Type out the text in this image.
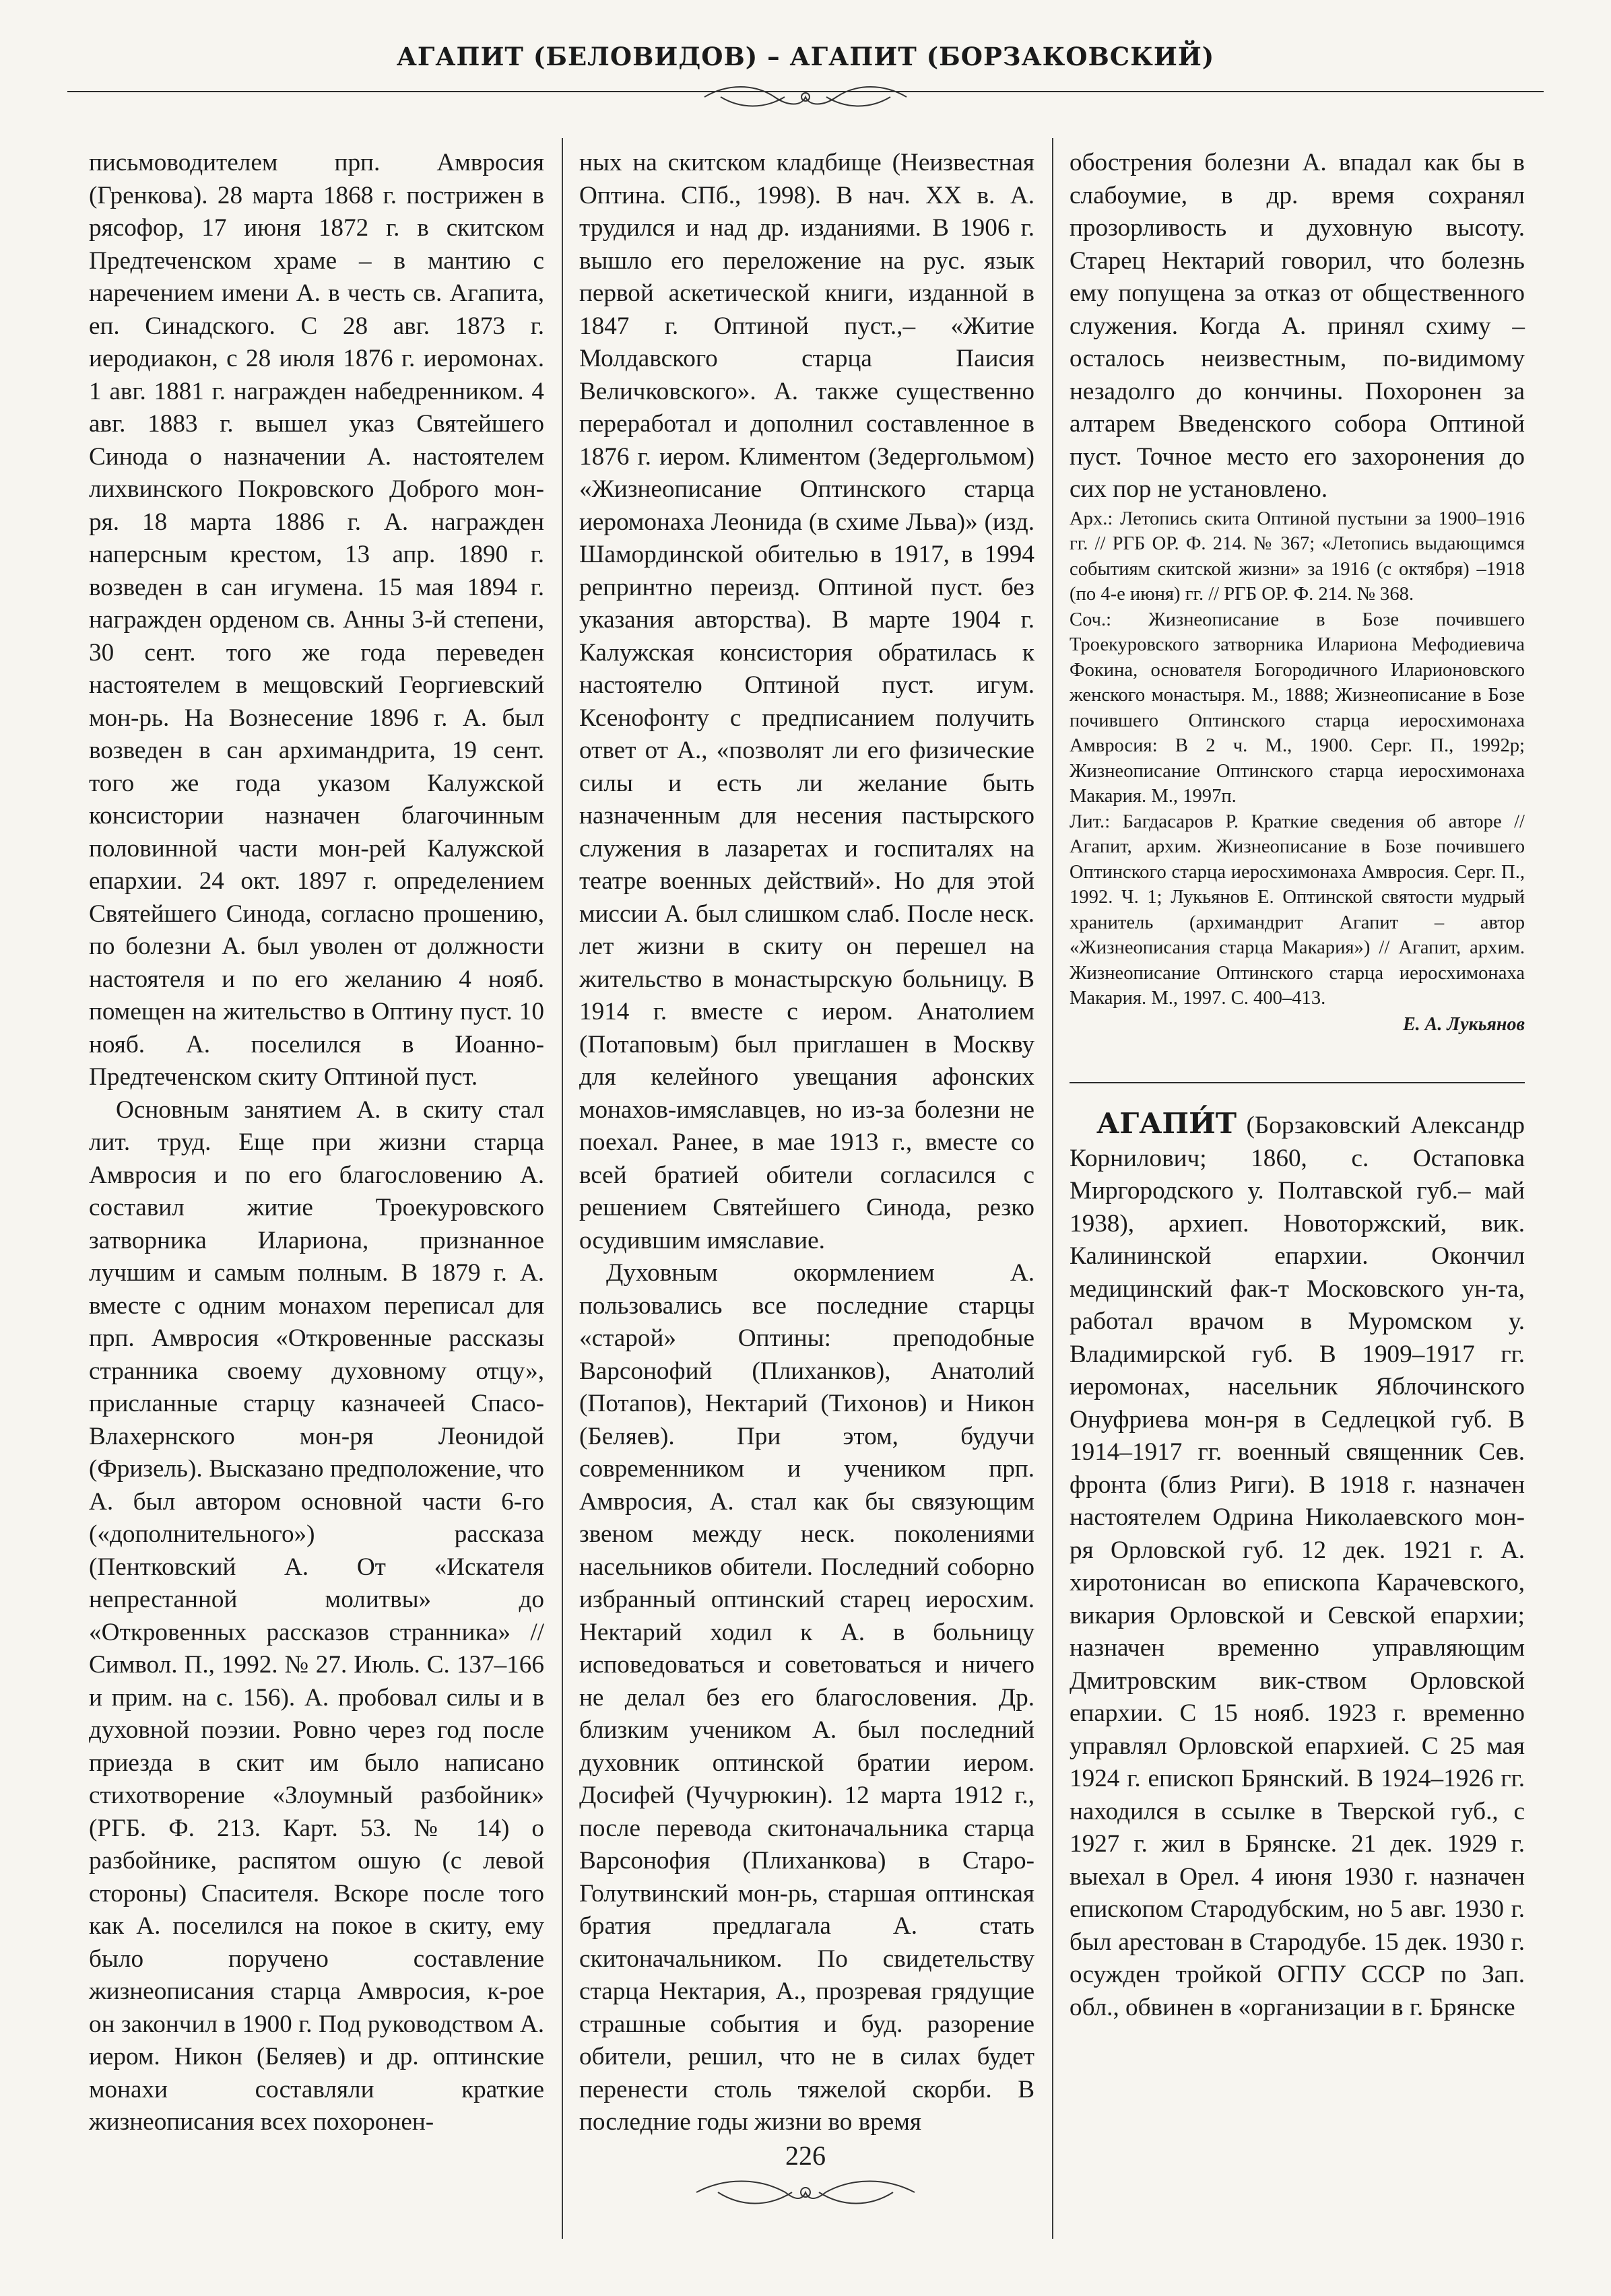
АГАПИТ (БЕЛОВИДОВ) – АГАПИТ (БОРЗАКОВСКИЙ)

письмоводителем прп. Амвросия (Гренкова). 28 марта 1868 г. пострижен в рясофор, 17 июня 1872 г. в скитском Предтеченском храме – в мантию с наречением имени А. в честь св. Агапита, еп. Синадского. С 28 авг. 1873 г. иеродиакон, с 28 июля 1876 г. иеромонах. 1 авг. 1881 г. награжден набедренником. 4 авг. 1883 г. вышел указ Святейшего Синода о назначении А. настоятелем лихвинского Покровского Доброго мон-ря. 18 марта 1886 г. А. награжден наперсным крестом, 13 апр. 1890 г. возведен в сан игумена. 15 мая 1894 г. награжден орденом св. Анны 3-й степени, 30 сент. того же года переведен настоятелем в мещовский Георгиевский мон-рь. На Вознесение 1896 г. А. был возведен в сан архимандрита, 19 сент. того же года указом Калужской консистории назначен благочинным половинной части мон-рей Калужской епархии. 24 окт. 1897 г. определением Святейшего Синода, согласно прошению, по болезни А. был уволен от должности настоятеля и по его желанию 4 нояб. помещен на жительство в Оптину пуст. 10 нояб. А. поселился в Иоанно-Предтеченском скиту Оптиной пуст.

Основным занятием А. в скиту стал лит. труд. Еще при жизни старца Амвросия и по его благословению А. составил житие Троекуровского затворника Илариона, признанное лучшим и самым полным. В 1879 г. А. вместе с одним монахом переписал для прп. Амвросия «Откровенные рассказы странника своему духовному отцу», присланные старцу казначеей Спасо-Влахернского мон-ря Леонидой (Фризель). Высказано предположение, что А. был автором основной части 6-го («дополнительного») рассказа (Пентковский А. От «Искателя непрестанной молитвы» до «Откровенных рассказов странника» // Символ. П., 1992. № 27. Июль. С. 137–166 и прим. на с. 156). А. пробовал силы и в духовной поэзии. Ровно через год после приезда в скит им было написано стихотворение «Злоумный разбойник» (РГБ. Ф. 213. Карт. 53. № 14) о разбойнике, распятом ошую (с левой стороны) Спасителя. Вскоре после того как А. поселился на покое в скиту, ему было поручено составление жизнеописания старца Амвросия, к-рое он закончил в 1900 г. Под руководством А. иером. Никон (Беляев) и др. оптинские монахи составляли краткие жизнеописания всех похоронен-

ных на скитском кладбище (Неизвестная Оптина. СПб., 1998). В нач. XX в. А. трудился и над др. изданиями. В 1906 г. вышло его переложение на рус. язык первой аскетической книги, изданной в 1847 г. Оптиной пуст.,– «Житие Молдавского старца Паисия Величковского». А. также существенно переработал и дополнил составленное в 1876 г. иером. Климентом (Зедергольмом) «Жизнеописание Оптинского старца иеромонаха Леонида (в схиме Льва)» (изд. Шамординской обителью в 1917, в 1994 репринтно переизд. Оптиной пуст. без указания авторства). В марте 1904 г. Калужская консистория обратилась к настоятелю Оптиной пуст. игум. Ксенофонту с предписанием получить ответ от А., «позволят ли его физические силы и есть ли желание быть назначенным для несения пастырского служения в лазаретах и госпиталях на театре военных действий». Но для этой миссии А. был слишком слаб. После неск. лет жизни в скиту он перешел на жительство в монастырскую больницу. В 1914 г. вместе с иером. Анатолием (Потаповым) был приглашен в Москву для келейного увещания афонских монахов-имяславцев, но из-за болезни не поехал. Ранее, в мае 1913 г., вместе со всей братией обители согласился с решением Святейшего Синода, резко осудившим имяславие.

Духовным окормлением А. пользовались все последние старцы «старой» Оптины: преподобные Варсонофий (Плиханков), Анатолий (Потапов), Нектарий (Тихонов) и Никон (Беляев). При этом, будучи современником и учеником прп. Амвросия, А. стал как бы связующим звеном между неск. поколениями насельников обители. Последний соборно избранный оптинский старец иеросхим. Нектарий ходил к А. в больницу исповедоваться и советоваться и ничего не делал без его благословения. Др. близким учеником А. был последний духовник оптинской братии иером. Досифей (Чучурюкин). 12 марта 1912 г., после перевода скитоначальника старца Варсонофия (Плиханкова) в Старо-Голутвинский мон-рь, старшая оптинская братия предлагала А. стать скитоначальником. По свидетельству старца Нектария, А., прозревая грядущие страшные события и буд. разорение обители, решил, что не в силах будет перенести столь тяжелой скорби. В последние годы жизни во время

обострения болезни А. впадал как бы в слабоумие, в др. время сохранял прозорливость и духовную высоту. Старец Нектарий говорил, что болезнь ему попущена за отказ от общественного служения. Когда А. принял схиму – осталось неизвестным, по-видимому незадолго до кончины. Похоронен за алтарем Введенского собора Оптиной пуст. Точное место его захоронения до сих пор не установлено.

Арх.: Летопись скита Оптиной пустыни за 1900–1916 гг. // РГБ ОР. Ф. 214. № 367; «Летопись выдающимся событиям скитской жизни» за 1916 (с октября) –1918 (по 4-е июня) гг. // РГБ ОР. Ф. 214. № 368.

Соч.: Жизнеописание в Бозе почившего Троекуровского затворника Илариона Мефодиевича Фокина, основателя Богородичного Иларионовского женского монастыря. М., 1888; Жизнеописание в Бозе почившего Оптинского старца иеросхимонаха Амвросия: В 2 ч. М., 1900. Серг. П., 1992р; Жизнеописание Оптинского старца иеросхимонаха Макария. М., 1997п.

Лит.: Багдасаров Р. Краткие сведения об авторе // Агапит, архим. Жизнеописание в Бозе почившего Оптинского старца иеросхимонаха Амвросия. Серг. П., 1992. Ч. 1; Лукьянов Е. Оптинской святости мудрый хранитель (архимандрит Агапит – автор «Жизнеописания старца Макария») // Агапит, архим. Жизнеописание Оптинского старца иеросхимонаха Макария. М., 1997. С. 400–413.

Е. А. Лукьянов

АГАПИ́Т (Борзаковский Александр Корнилович; 1860, с. Остаповка Миргородского у. Полтавской губ.– май 1938), архиеп. Новоторжский, вик. Калининской епархии. Окончил медицинский фак-т Московского ун-та, работал врачом в Муромском у. Владимирской губ. В 1909–1917 гг. иеромонах, насельник Яблочинского Онуфриева мон-ря в Седлецкой губ. В 1914–1917 гг. военный священник Сев. фронта (близ Риги). В 1918 г. назначен настоятелем Одрина Николаевского мон-ря Орловской губ. 12 дек. 1921 г. А. хиротонисан во епископа Карачевского, викария Орловской и Севской епархии; назначен временно управляющим Дмитровским вик-ством Орловской епархии. С 15 нояб. 1923 г. временно управлял Орловской епархией. С 25 мая 1924 г. епископ Брянский. В 1924–1926 гг. находился в ссылке в Тверской губ., с 1927 г. жил в Брянске. 21 дек. 1929 г. выехал в Орел. 4 июня 1930 г. назначен епископом Стародубским, но 5 авг. 1930 г. был арестован в Стародубе. 15 дек. 1930 г. осужден тройкой ОГПУ СССР по Зап. обл., обвинен в «организации в г. Брянске

226
